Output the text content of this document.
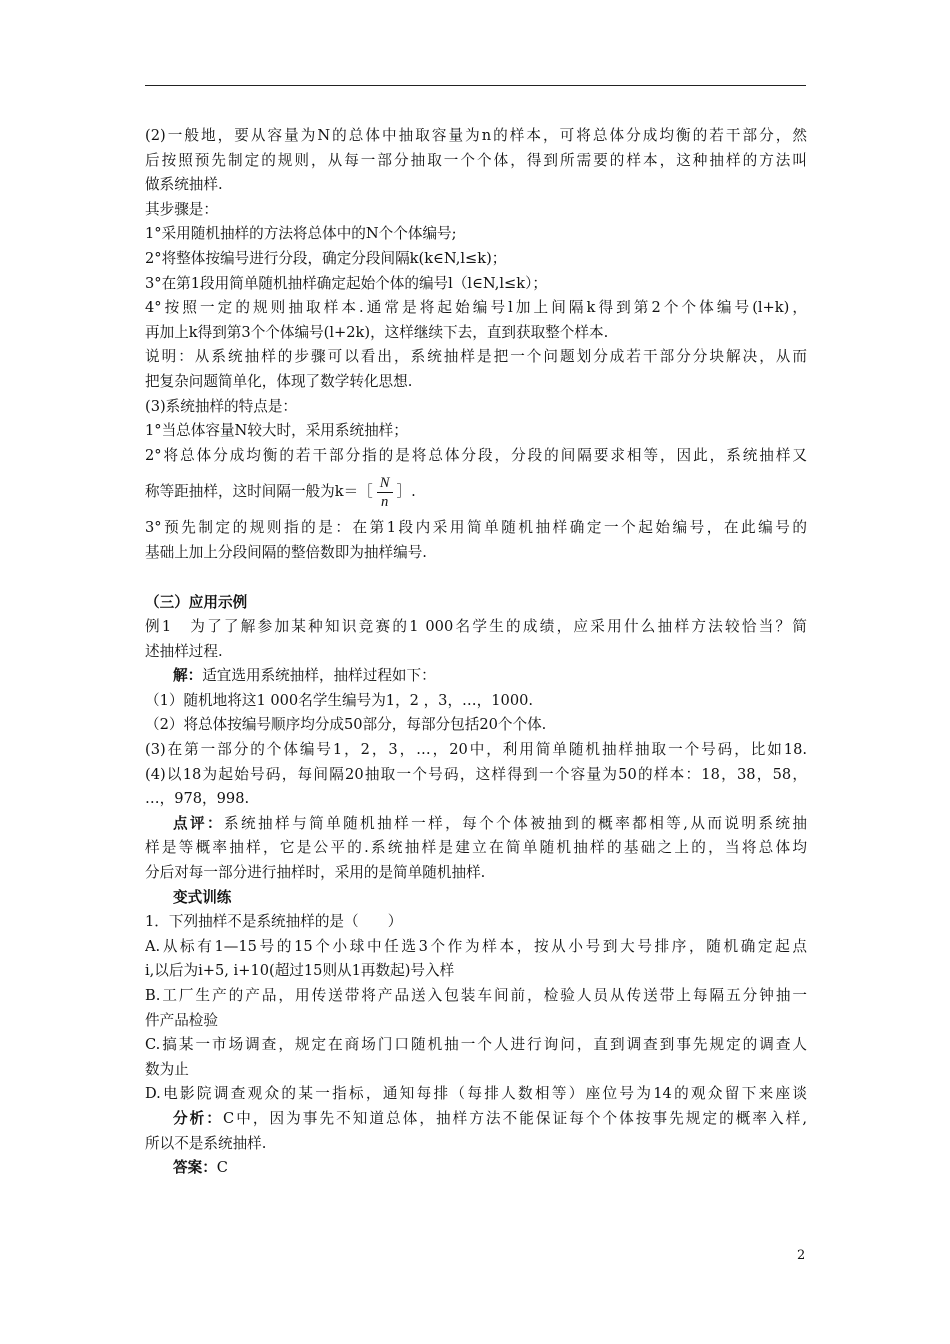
(2)一般地，要从容量为N的总体中抽取容量为n的样本，可将总体分成均衡的若干部分，然
后按照预先制定的规则，从每一部分抽取一个个体，得到所需要的样本，这种抽样的方法叫
做系统抽样.
其步骤是：
1°采用随机抽样的方法将总体中的N个个体编号;
2°将整体按编号进行分段，确定分段间隔k(k∈N,l≤k)；
3°在第1段用简单随机抽样确定起始个体的编号l（l∈N,l≤k）；
4°按照一定的规则抽取样本.通常是将起始编号l加上间隔k得到第2个个体编号(l+k)，
再加上k得到第3个个体编号(l+2k)，这样继续下去，直到获取整个样本.
说明：从系统抽样的步骤可以看出，系统抽样是把一个问题划分成若干部分分块解决，从而
把复杂问题简单化，体现了数学转化思想.
(3)系统抽样的特点是：
1°当总体容量N较大时，采用系统抽样；
2°将总体分成均衡的若干部分指的是将总体分段，分段的间隔要求相等，因此，系统抽样又
称等距抽样，这时间隔一般为k＝［ $\frac{N}{n}$ ］.
3°预先制定的规则指的是：在第1段内采用简单随机抽样确定一个起始编号，在此编号的
基础上加上分段间隔的整倍数即为抽样编号.
（三）应用示例
例1　为了了解参加某种知识竞赛的1 000名学生的成绩，应采用什么抽样方法较恰当？简
述抽样过程.
解：适宜选用系统抽样，抽样过程如下：
（1）随机地将这1 000名学生编号为1，2 ，3，…，1000.
（2）将总体按编号顺序均分成50部分，每部分包括20个个体.
(3)在第一部分的个体编号1，2，3，…，20中，利用简单随机抽样抽取一个号码，比如18.
(4)以18为起始号码，每间隔20抽取一个号码，这样得到一个容量为50的样本：18，38，58，
…，978，998.
点评：系统抽样与简单随机抽样一样，每个个体被抽到的概率都相等,从而说明系统抽
样是等概率抽样，它是公平的.系统抽样是建立在简单随机抽样的基础之上的，当将总体均
分后对每一部分进行抽样时，采用的是简单随机抽样.
变式训练
1．下列抽样不是系统抽样的是（　　）
A.从标有1—15号的15个小球中任选3个作为样本，按从小号到大号排序，随机确定起点
i,以后为i+5, i+10(超过15则从1再数起)号入样
B.工厂生产的产品，用传送带将产品送入包装车间前，检验人员从传送带上每隔五分钟抽一
件产品检验
C.搞某一市场调查，规定在商场门口随机抽一个人进行询问，直到调查到事先规定的调查人
数为止
D.电影院调查观众的某一指标，通知每排（每排人数相等）座位号为14的观众留下来座谈
分析：C中，因为事先不知道总体，抽样方法不能保证每个个体按事先规定的概率入样,
所以不是系统抽样.
答案：C
2
